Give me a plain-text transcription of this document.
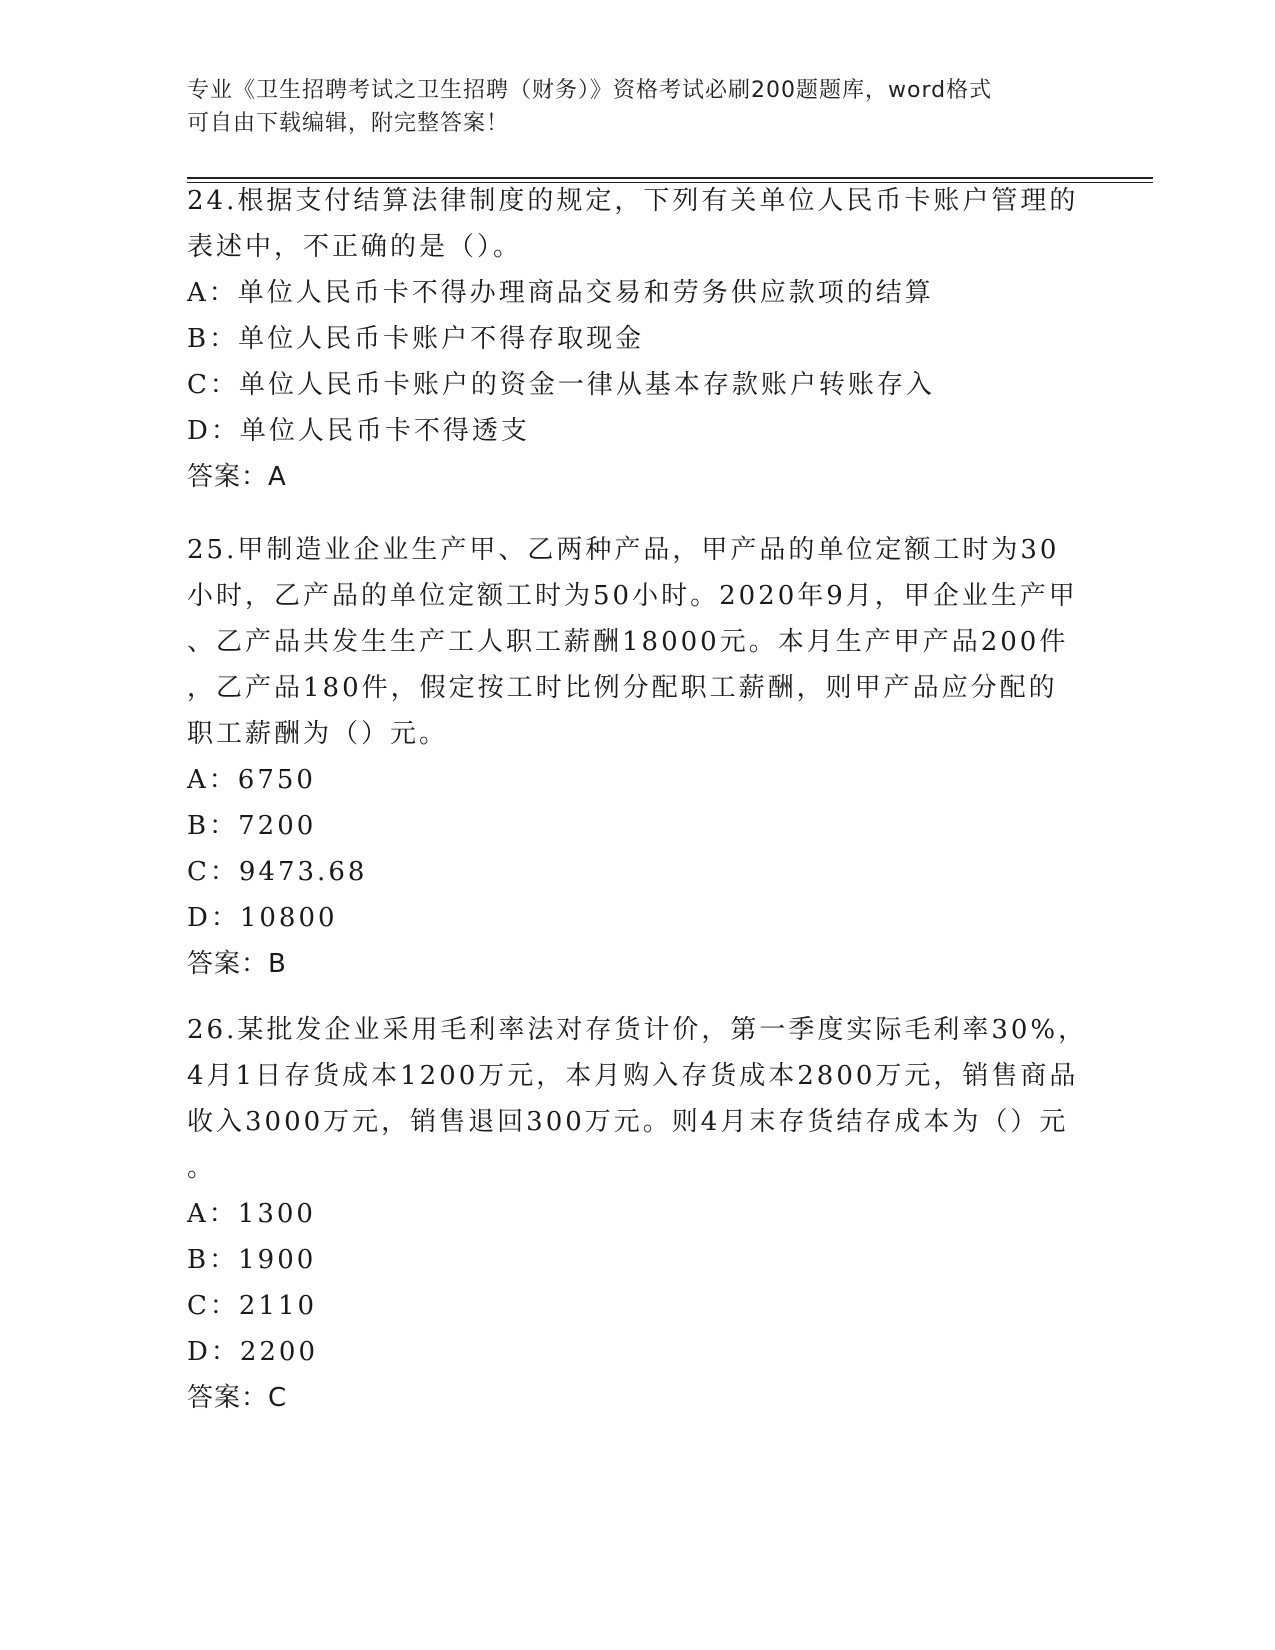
专业《卫生招聘考试之卫生招聘（财务）》资格考试必刷200题题库，word格式
可自由下载编辑，附完整答案！
24.根据支付结算法律制度的规定，下列有关单位人民币卡账户管理的
表述中，不正确的是（）。
A：单位人民币卡不得办理商品交易和劳务供应款项的结算
B：单位人民币卡账户不得存取现金
C：单位人民币卡账户的资金一律从基本存款账户转账存入
D：单位人民币卡不得透支
答案：A
25.甲制造业企业生产甲、乙两种产品，甲产品的单位定额工时为30
小时，乙产品的单位定额工时为50小时。2020年9月，甲企业生产甲
、乙产品共发生生产工人职工薪酬18000元。本月生产甲产品200件
，乙产品180件，假定按工时比例分配职工薪酬，则甲产品应分配的
职工薪酬为（）元。
A：6750
B：7200
C：9473.68
D：10800
答案：B
26.某批发企业采用毛利率法对存货计价，第一季度实际毛利率30%，
4月1日存货成本1200万元，本月购入存货成本2800万元，销售商品
收入3000万元，销售退回300万元。则4月末存货结存成本为（）元
。
A：1300
B：1900
C：2110
D：2200
答案：C
